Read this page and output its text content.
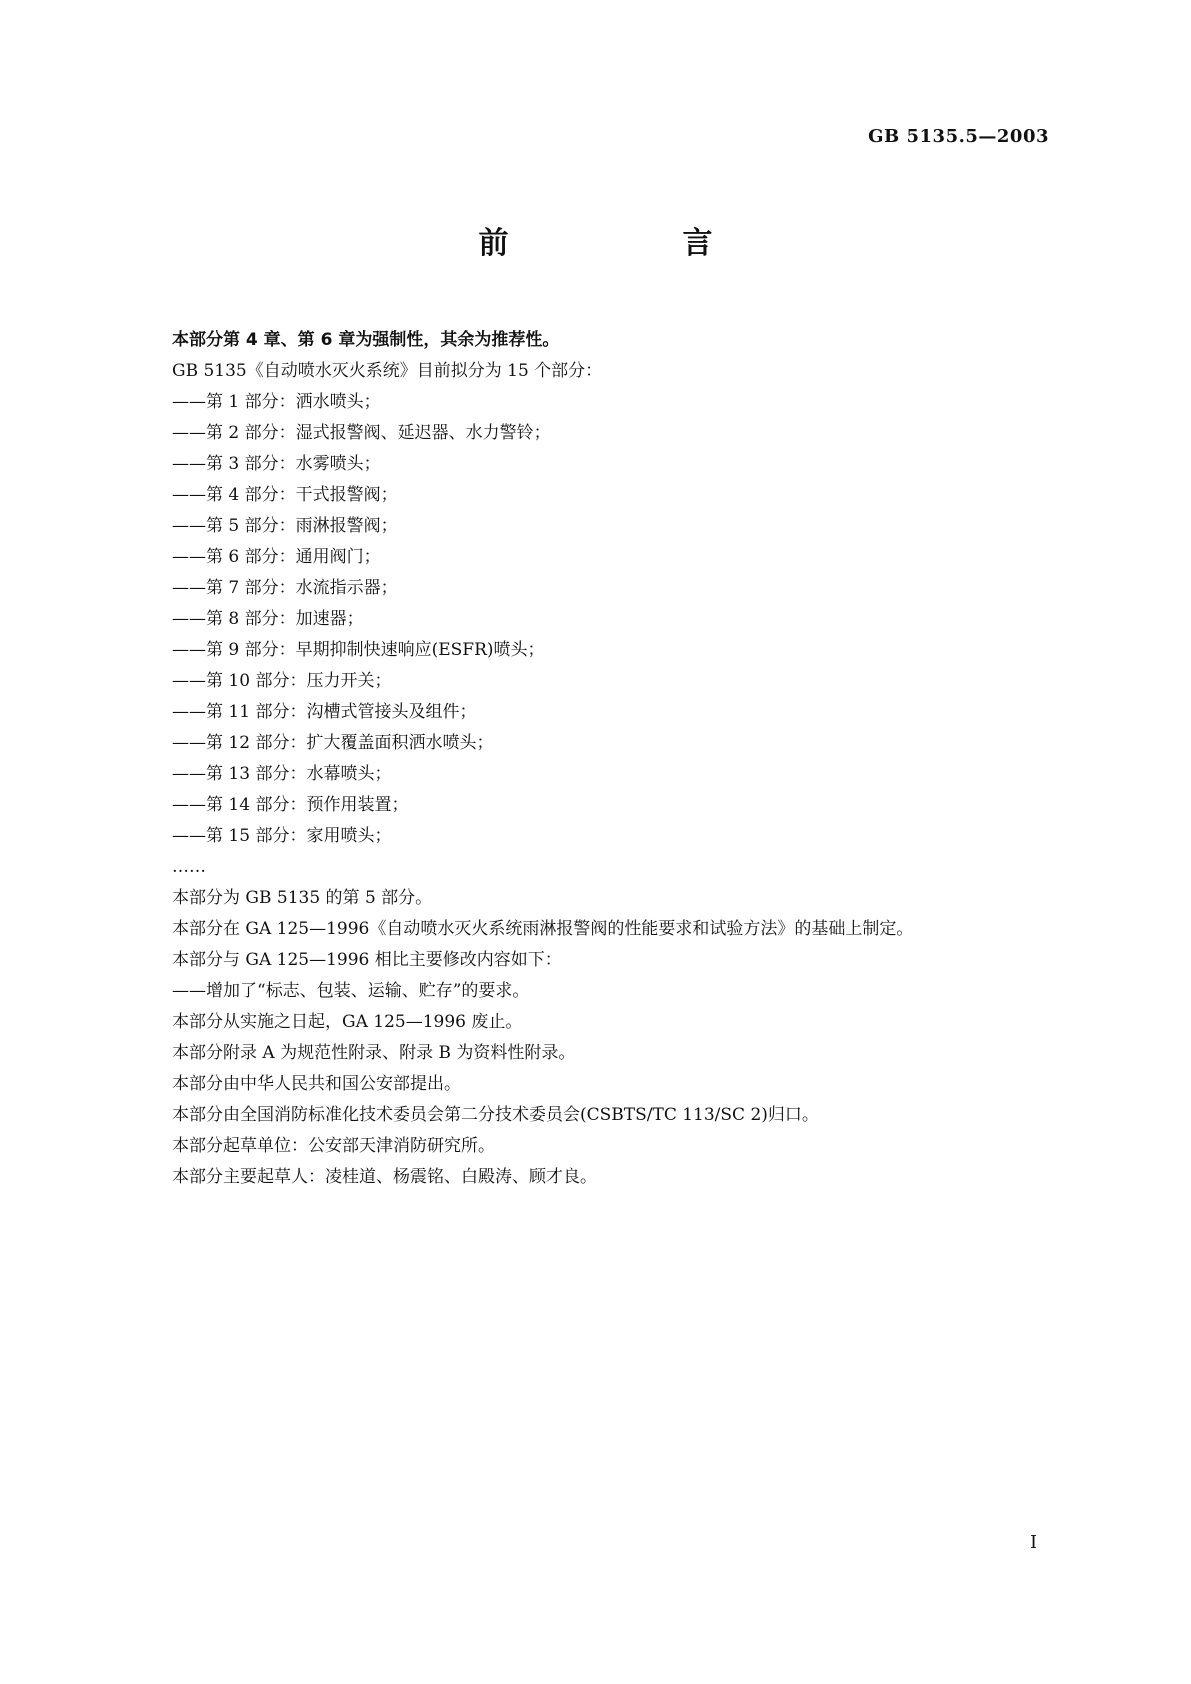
GB 5135.5—2003

前　　言
本部分第 4 章、第 6 章为强制性，其余为推荐性。
GB 5135《自动喷水灭火系统》目前拟分为 15 个部分：
——第 1 部分：洒水喷头；
——第 2 部分：湿式报警阀、延迟器、水力警铃；
——第 3 部分：水雾喷头；
——第 4 部分：干式报警阀；
——第 5 部分：雨淋报警阀；
——第 6 部分：通用阀门；
——第 7 部分：水流指示器；
——第 8 部分：加速器；
——第 9 部分：早期抑制快速响应(ESFR)喷头；
——第 10 部分：压力开关；
——第 11 部分：沟槽式管接头及组件；
——第 12 部分：扩大覆盖面积洒水喷头；
——第 13 部分：水幕喷头；
——第 14 部分：预作用装置；
——第 15 部分：家用喷头；
……
本部分为 GB 5135 的第 5 部分。
本部分在 GA 125—1996《自动喷水灭火系统雨淋报警阀的性能要求和试验方法》的基础上制定。
本部分与 GA 125—1996 相比主要修改内容如下：
——增加了“标志、包装、运输、贮存”的要求。
本部分从实施之日起，GA 125—1996 废止。
本部分附录 A 为规范性附录、附录 B 为资料性附录。
本部分由中华人民共和国公安部提出。
本部分由全国消防标准化技术委员会第二分技术委员会(CSBTS/TC 113/SC 2)归口。
本部分起草单位：公安部天津消防研究所。
本部分主要起草人：凌桂道、杨震铭、白殿涛、顾才良。

I
